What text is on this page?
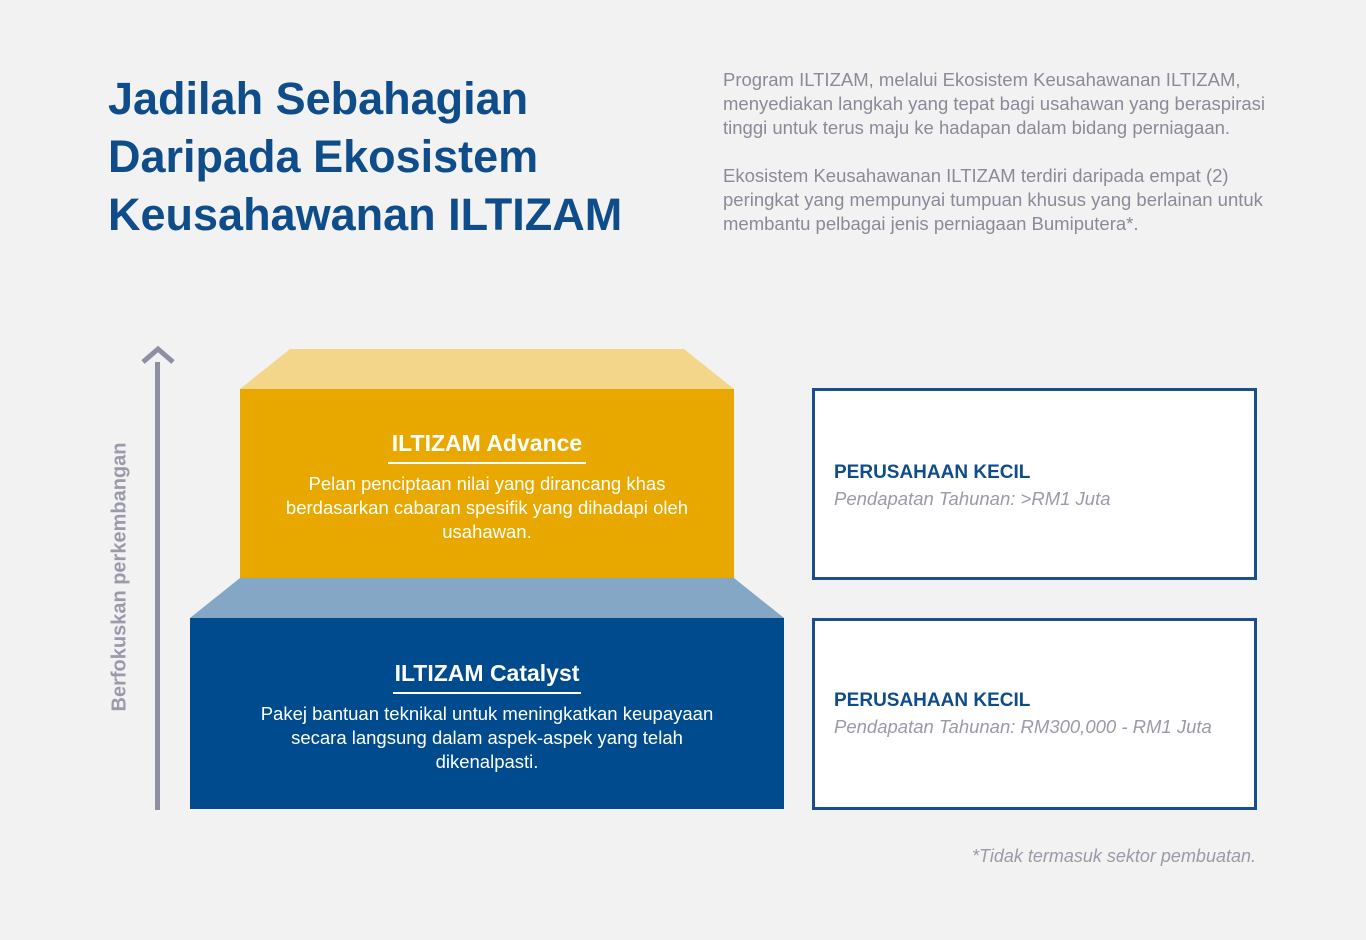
Jadilah Sebahagian
Daripada Ekosistem
Keusahawanan ILTIZAM

Program ILTIZAM, melalui Ekosistem Keusahawanan ILTIZAM, menyediakan langkah yang tepat bagi usahawan yang beraspirasi tinggi untuk terus maju ke hadapan dalam bidang perniagaan.

Ekosistem Keusahawanan ILTIZAM terdiri daripada empat (2) peringkat yang mempunyai tumpuan khusus yang berlainan untuk membantu pelbagai jenis perniagaan Bumiputera*.

Berfokuskan perkembangan	ILTIZAM Advance
Pelan penciptaan nilai yang dirancang khas berdasarkan cabaran spesifik yang dihadapi oleh usahawan.
ILTIZAM Catalyst
Pakej bantuan teknikal untuk meningkatkan keupayaan secara langsung dalam aspek-aspek yang telah dikenalpasti.
PERUSAHAAN KECIL
Pendapatan Tahunan: >RM1 Juta
PERUSAHAAN KECIL
Pendapatan Tahunan: RM300,000 - RM1 Juta
*Tidak termasuk sektor pembuatan.
